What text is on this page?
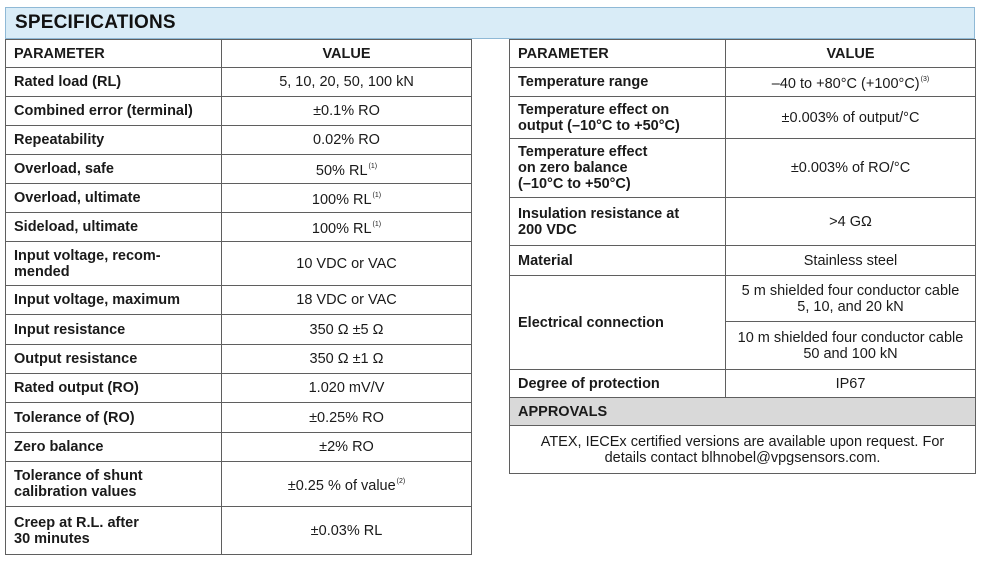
SPECIFICATIONS
PARAMETER	VALUE
Rated load (RL)	5, 10, 20, 50, 100 kN
Combined error (terminal)	±0.1% RO
Repeatability	0.02% RO
Overload, safe	50% RL$^{(1)}$
Overload, ultimate	100% RL$^{(1)}$
Sideload, ultimate	100% RL$^{(1)}$
Input voltage, recom-
mended	10 VDC or VAC
Input voltage, maximum	18 VDC or VAC
Input resistance	350 Ω ±5 Ω
Output resistance	350 Ω ±1 Ω
Rated output (RO)	1.020 mV/V
Tolerance of (RO)	±0.25% RO
Zero balance	±2% RO
Tolerance of shunt
calibration values	±0.25 % of value$^{(2)}$
Creep at R.L. after
30 minutes	±0.03% RL
PARAMETER	VALUE
Temperature range	–40 to +80°C $(+100^\circ C)^{(3)}$
Temperature effect on
output (–10°C to +50°C)	±0.003% of output/°C
Temperature effect
on zero balance
(–10°C to +50°C)	±0.003% of RO/°C
Insulation resistance at
200 VDC	>4 GΩ
Material	Stainless steel
Electrical connection	5 m shielded four conductor cable
5, 10, and 20 kN
	10 m shielded four conductor cable
50 and 100 kN
Degree of protection	IP67
APPROVALS	
ATEX, IECEx certified versions are available upon request. For
details contact blhnobel@vpgsensors.com.	
